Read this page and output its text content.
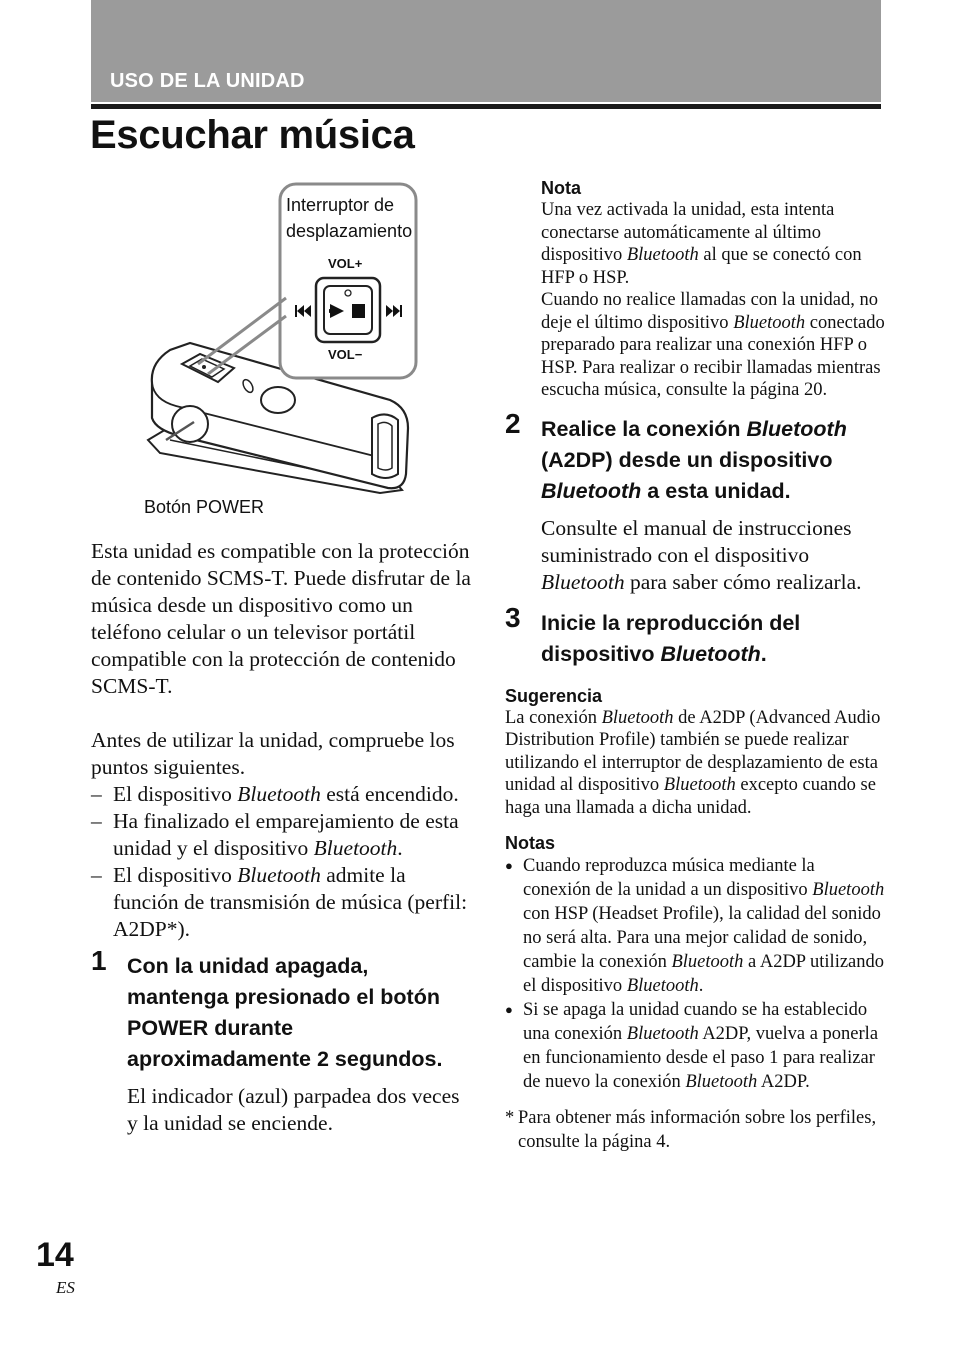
USO DE LA UNIDAD
Escuchar música
Interruptor de
desplazamiento
VOL+
VOL−
Botón POWER

Esta unidad es compatible con la protección de contenido SCMS-T. Puede disfrutar de la música desde un dispositivo como un teléfono celular o un televisor portátil compatible con la protección de contenido SCMS-T.

Antes de utilizar la unidad, compruebe los puntos siguientes.

– El dispositivo Bluetooth está encendido.
– Ha finalizado el emparejamiento de esta unidad y el dispositivo Bluetooth.
– El dispositivo Bluetooth admite la función de transmisión de música (perfil: A2DP*).
1 Con la unidad apagada, mantenga presionado el botón POWER durante aproximadamente 2 segundos.

El indicador (azul) parpadea dos veces y la unidad se enciende.

Nota

Una vez activada la unidad, esta intenta conectarse automáticamente al último dispositivo Bluetooth al que se conectó con HFP o HSP.

Cuando no realice llamadas con la unidad, no deje el último dispositivo Bluetooth conectado preparado para realizar una conexión HFP o HSP. Para realizar o recibir llamadas mientras escucha música, consulte la página 20.

2 Realice la conexión Bluetooth (A2DP) desde un dispositivo Bluetooth a esta unidad.

Consulte el manual de instrucciones suministrado con el dispositivo Bluetooth para saber cómo realizarla.

3 Inicie la reproducción del dispositivo Bluetooth.

Sugerencia

La conexión Bluetooth de A2DP (Advanced Audio Distribution Profile) también se puede realizar utilizando el interruptor de desplazamiento de esta unidad al dispositivo Bluetooth excepto cuando se haga una llamada a dicha unidad.

Notas

● Cuando reproduzca música mediante la conexión de la unidad a un dispositivo Bluetooth con HSP (Headset Profile), la calidad del sonido no será alta. Para una mejor calidad de sonido, cambie la conexión Bluetooth a A2DP utilizando el dispositivo Bluetooth.
● Si se apaga la unidad cuando se ha establecido una conexión Bluetooth A2DP, vuelva a ponerla en funcionamiento desde el paso 1 para realizar de nuevo la conexión Bluetooth A2DP.

* Para obtener más información sobre los perfiles, consulte la página 4.

14
ES
